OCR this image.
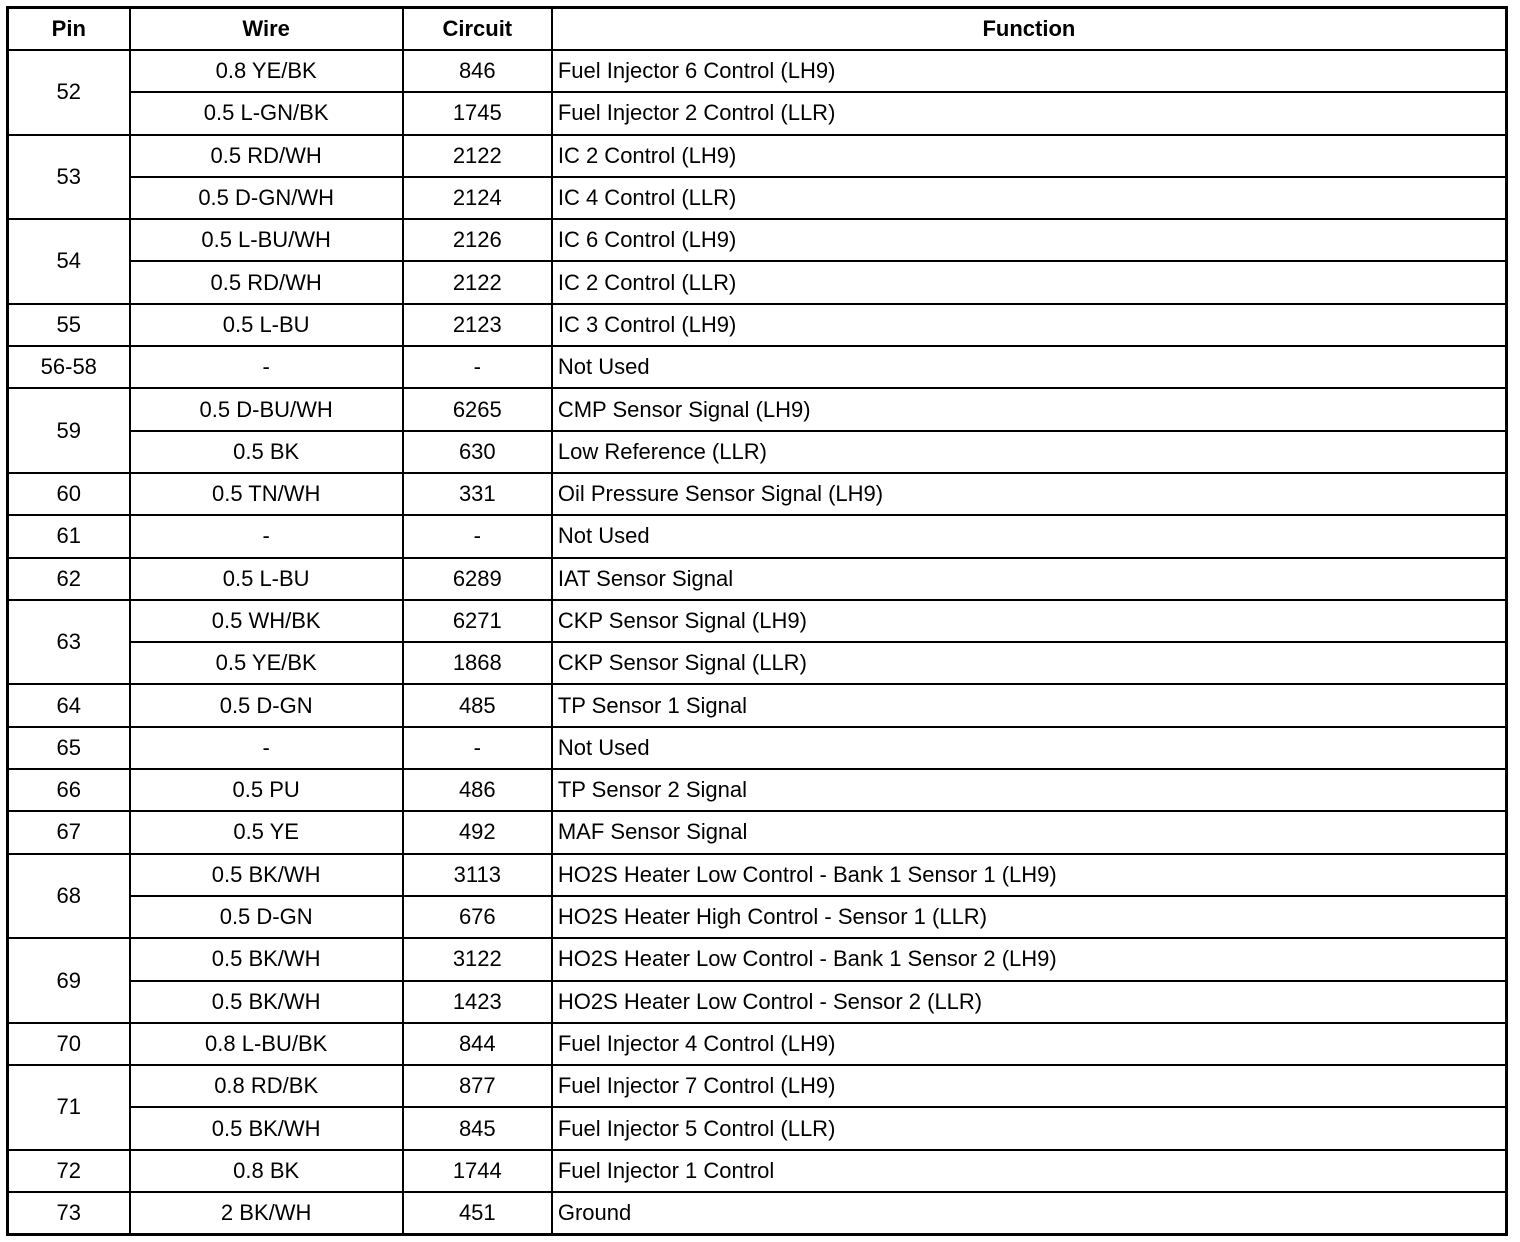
Pin	Wire	Circuit	Function
52	0.8 YE/BK	846	Fuel Injector 6 Control (LH9)
	0.5 L-GN/BK	1745	Fuel Injector 2 Control (LLR)
53	0.5 RD/WH	2122	IC 2 Control (LH9)
	0.5 D-GN/WH	2124	IC 4 Control (LLR)
54	0.5 L-BU/WH	2126	IC 6 Control (LH9)
	0.5 RD/WH	2122	IC 2 Control (LLR)
55	0.5 L-BU	2123	IC 3 Control (LH9)
56-58	-	-	Not Used
59	0.5 D-BU/WH	6265	CMP Sensor Signal (LH9)
	0.5 BK	630	Low Reference (LLR)
60	0.5 TN/WH	331	Oil Pressure Sensor Signal (LH9)
61	-	-	Not Used
62	0.5 L-BU	6289	IAT Sensor Signal
63	0.5 WH/BK	6271	CKP Sensor Signal (LH9)
	0.5 YE/BK	1868	CKP Sensor Signal (LLR)
64	0.5 D-GN	485	TP Sensor 1 Signal
65	-	-	Not Used
66	0.5 PU	486	TP Sensor 2 Signal
67	0.5 YE	492	MAF Sensor Signal
68	0.5 BK/WH	3113	HO2S Heater Low Control - Bank 1 Sensor 1 (LH9)
	0.5 D-GN	676	HO2S Heater High Control - Sensor 1 (LLR)
69	0.5 BK/WH	3122	HO2S Heater Low Control - Bank 1 Sensor 2 (LH9)
	0.5 BK/WH	1423	HO2S Heater Low Control - Sensor 2 (LLR)
70	0.8 L-BU/BK	844	Fuel Injector 4 Control (LH9)
71	0.8 RD/BK	877	Fuel Injector 7 Control (LH9)
	0.5 BK/WH	845	Fuel Injector 5 Control (LLR)
72	0.8 BK	1744	Fuel Injector 1 Control
73	2 BK/WH	451	Ground
